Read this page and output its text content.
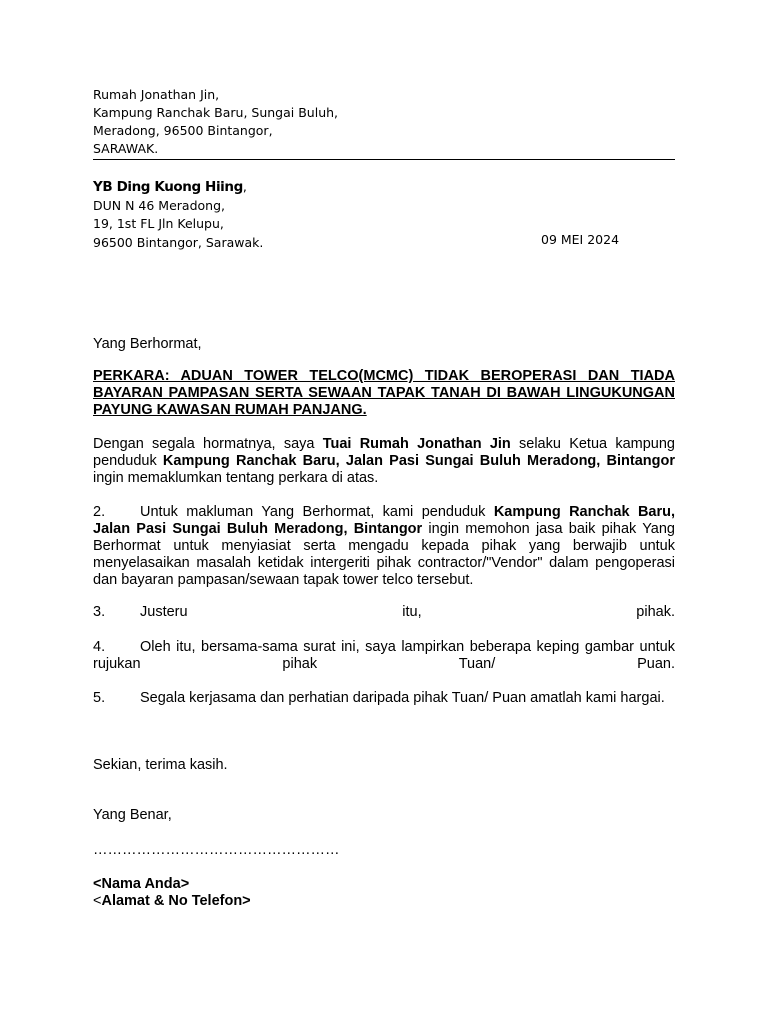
Rumah Jonathan Jin,
Kampung Ranchak Baru, Sungai Buluh,
Meradong, 96500 Bintangor,
SARAWAK.
YB Ding Kuong Hiing,
DUN N 46 Meradong,
19, 1st FL Jln Kelupu,
96500 Bintangor, Sarawak.	09 MEI 2024
Yang Berhormat,
PERKARA: ADUAN TOWER TELCO(MCMC) TIDAK BEROPERASI DAN TIADA BAYARAN PAMPASAN SERTA SEWAAN TAPAK TANAH DI BAWAH LINGUKUNGAN PAYUNG KAWASAN RUMAH PANJANG.
Dengan segala hormatnya, saya Tuai Rumah Jonathan Jin selaku Ketua kampung penduduk Kampung Ranchak Baru, Jalan Pasi Sungai Buluh Meradong, Bintangor ingin memaklumkan tentang perkara di atas.
2. Untuk makluman Yang Berhormat, kami penduduk Kampung Ranchak Baru, Jalan Pasi Sungai Buluh Meradong, Bintangor ingin memohon jasa baik pihak Yang Berhormat untuk menyiasiat serta mengadu kepada pihak yang berwajib untuk menyelasaikan masalah ketidak intergeriti pihak contractor/"Vendor" dalam pengoperasi dan bayaran pampasan/sewaan tapak tower telco tersebut.
3. Justeru itu, pihak.
4. Oleh itu, bersama-sama surat ini, saya lampirkan beberapa keping gambar untuk rujukan pihak Tuan/ Puan.
5. Segala kerjasama dan perhatian daripada pihak Tuan/ Puan amatlah kami hargai.
Sekian, terima kasih.
Yang Benar,
……………………………………………
<Nama Anda>
<Alamat & No Telefon>
